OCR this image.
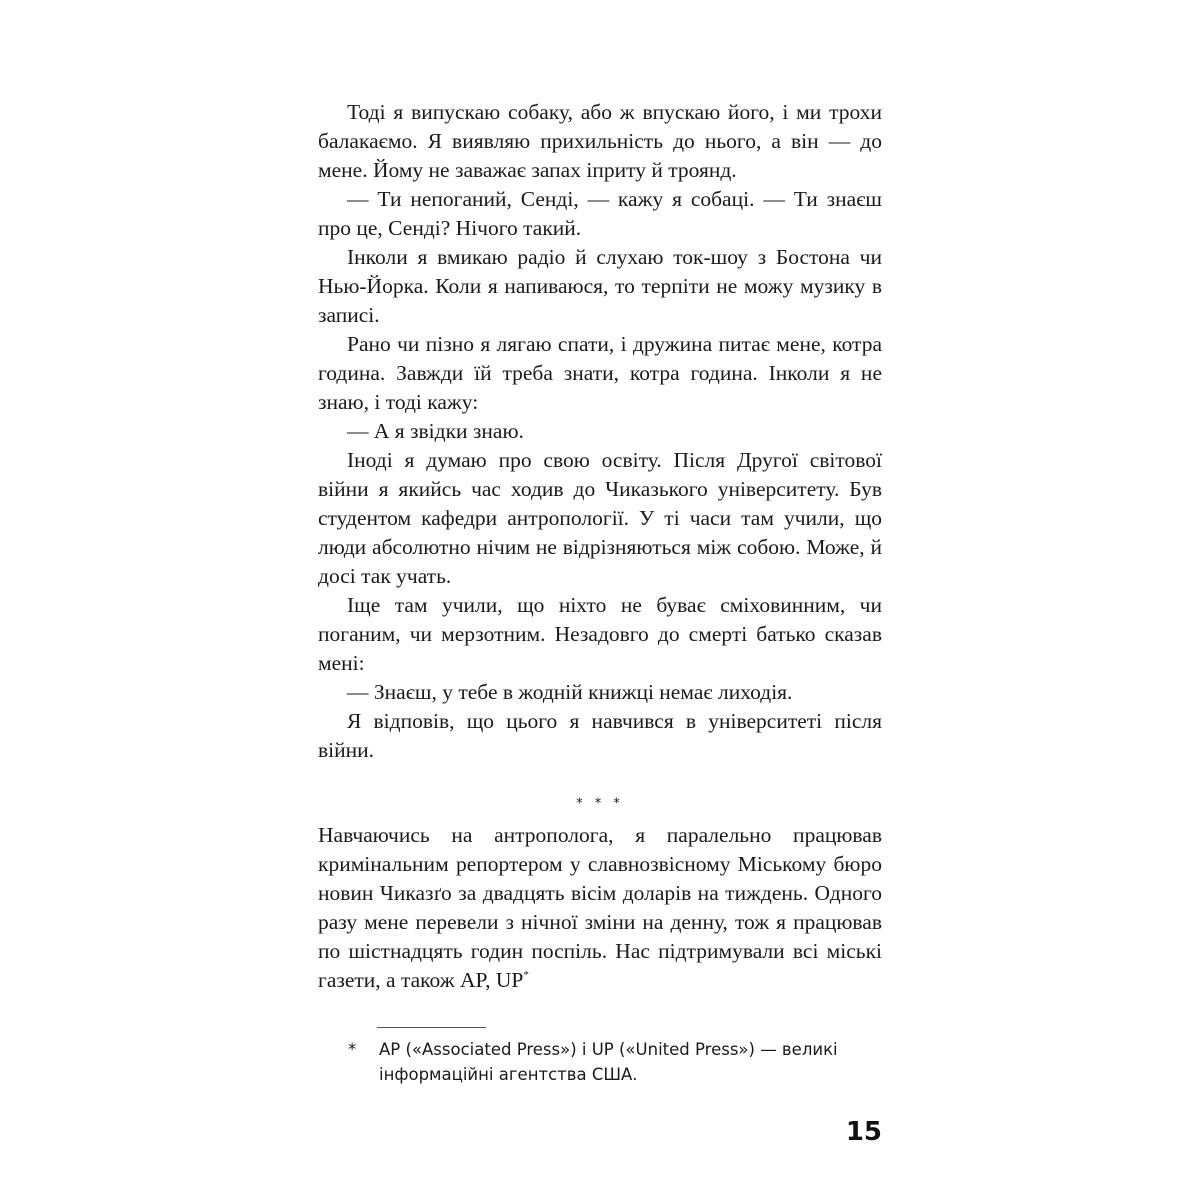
Тоді я випускаю собаку, або ж впускаю його, і ми трохи балакаємо. Я виявляю прихильність до нього, а він — до мене. Йому не заважає запах іприту й троянд.

— Ти непоганий, Сенді, — кажу я собаці. — Ти знаєш про це, Сенді? Нічого такий.

Інколи я вмикаю радіо й слухаю ток-шоу з Бостона чи Нью-Йорка. Коли я напиваюся, то терпіти не можу музику в записі.

Рано чи пізно я лягаю спати, і дружина питає мене, котра година. Завжди їй треба знати, котра година. Інколи я не знаю, і тоді кажу:

— А я звідки знаю.

Іноді я думаю про свою освіту. Після Другої світової війни я якийсь час ходив до Чиказького університету. Був студентом кафедри антропології. У ті часи там учили, що люди абсолютно нічим не відрізняються між собою. Може, й досі так учать.

Іще там учили, що ніхто не буває сміховинним, чи поганим, чи мерзотним. Незадовго до смерті батько сказав мені:

— Знаєш, у тебе в жодній книжці немає лиходія.

Я відповів, що цього я навчився в університеті після війни.

⁎ ⁎ ⁎

Навчаючись на антрополога, я паралельно працював кримінальним репортером у славнозвісному Міському бюро новин Чиказґо за двадцять вісім доларів на тиждень. Одного разу мене перевели з нічної зміни на денну, тож я працював по шістнадцять годин поспіль. Нас підтримували всі міські газети, а також AP, UP*

* AP («Associated Press») і UP («United Press») — великі інформаційні агентства США.
15
